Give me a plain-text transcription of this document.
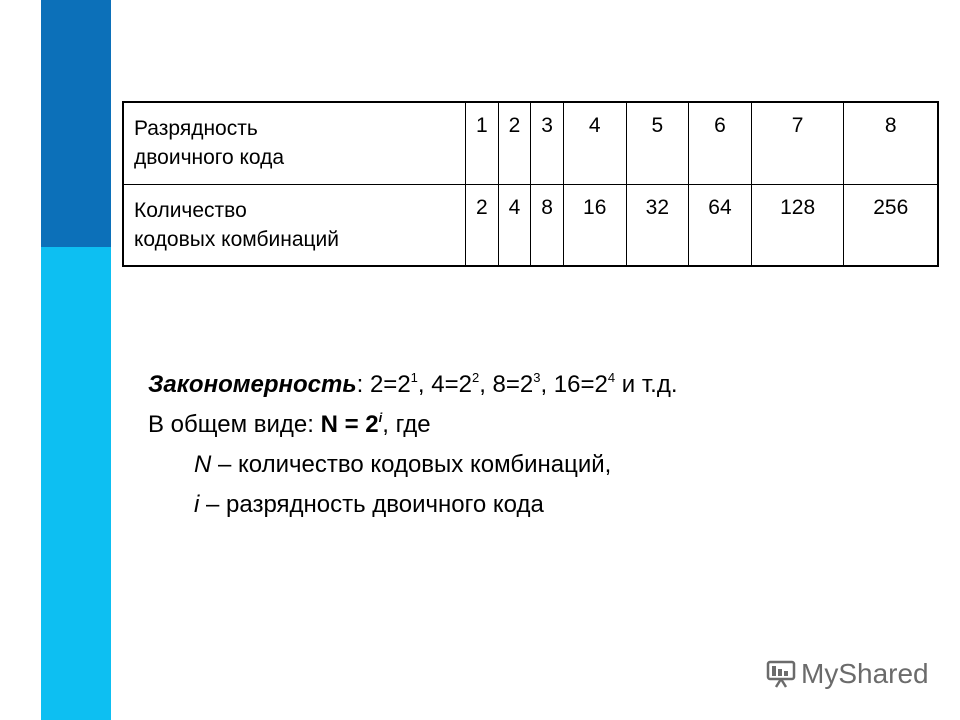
Разрядность
двоичного кода	1	2	3	4	5	6	7	8

Количество
кодовых комбинаций	2	4	8	16	32	64	128	256
Закономерность: $2=2^1$, $4=2^2$, $8=2^3$, $16=2^4$ и т.д.
В общем виде: $N = 2^i$, где
N – количество кодовых комбинаций,
i – разрядность двоичного кода
MyShared
